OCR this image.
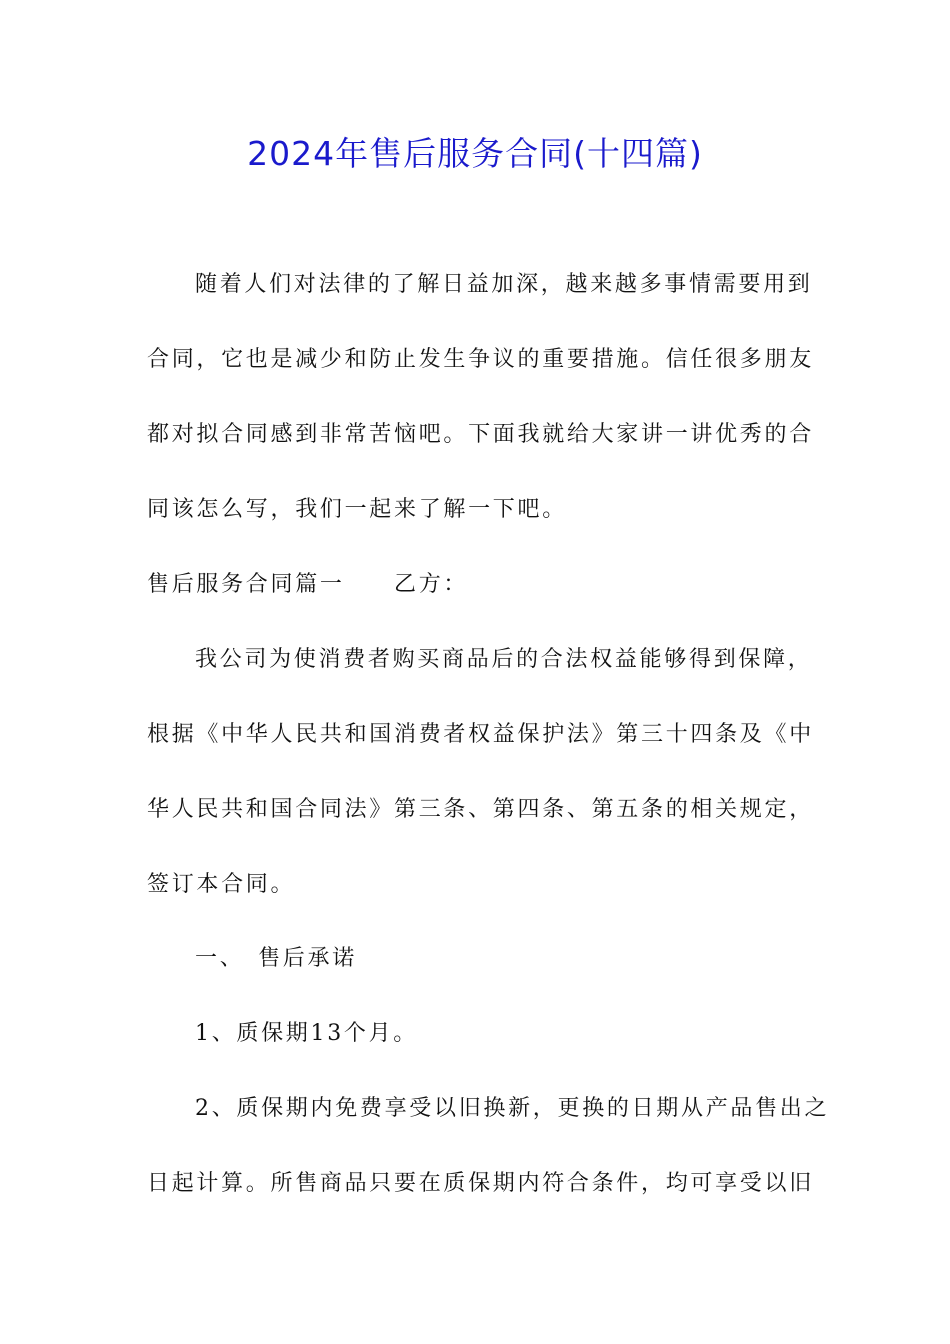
2024年售后服务合同(十四篇)
随着人们对法律的了解日益加深，越来越多事情需要用到
合同，它也是减少和防止发生争议的重要措施。信任很多朋友
都对拟合同感到非常苦恼吧。下面我就给大家讲一讲优秀的合
同该怎么写，我们一起来了解一下吧。
售后服务合同篇一　　乙方：
我公司为使消费者购买商品后的合法权益能够得到保障，
根据《中华人民共和国消费者权益保护法》第三十四条及《中
华人民共和国合同法》第三条、第四条、第五条的相关规定，
签订本合同。
一、　售后承诺
1、质保期13个月。
2、质保期内免费享受以旧换新，更换的日期从产品售出之
日起计算。所售商品只要在质保期内符合条件，均可享受以旧
